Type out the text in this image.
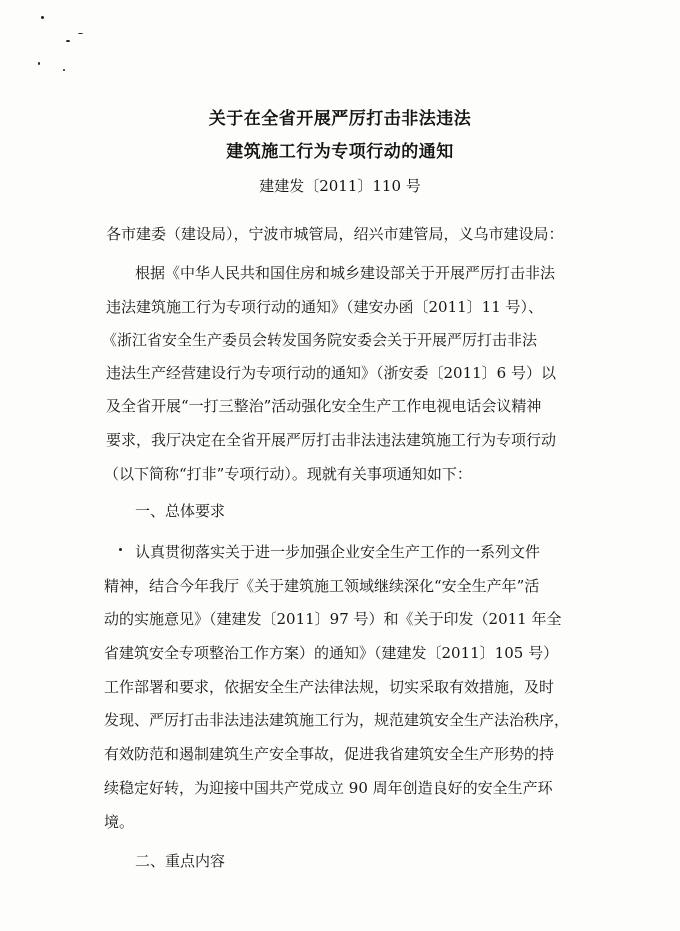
关于在全省开展严厉打击非法违法
建筑施工行为专项行动的通知
建建发〔2011〕110 号
各市建委（建设局），宁波市城管局，绍兴市建管局，义乌市建设局：
根据《中华人民共和国住房和城乡建设部关于开展严厉打击非法
违法建筑施工行为专项行动的通知》（建安办函〔2011〕11 号）、
《浙江省安全生产委员会转发国务院安委会关于开展严厉打击非法
违法生产经营建设行为专项行动的通知》（浙安委〔2011〕6 号）以
及全省开展“一打三整治”活动强化安全生产工作电视电话会议精神
要求，我厅决定在全省开展严厉打击非法违法建筑施工行为专项行动
（以下简称“打非”专项行动）。现就有关事项通知如下：
一、总体要求
认真贯彻落实关于进一步加强企业安全生产工作的一系列文件
精神，结合今年我厅《关于建筑施工领域继续深化“安全生产年”活
动的实施意见》（建建发〔2011〕97 号）和《关于印发（2011 年全
省建筑安全专项整治工作方案）的通知》（建建发〔2011〕105 号）
工作部署和要求，依据安全生产法律法规，切实采取有效措施，及时
发现、严厉打击非法违法建筑施工行为，规范建筑安全生产法治秩序，
有效防范和遏制建筑生产安全事故，促进我省建筑安全生产形势的持
续稳定好转，为迎接中国共产党成立 90 周年创造良好的安全生产环
境。
二、重点内容
